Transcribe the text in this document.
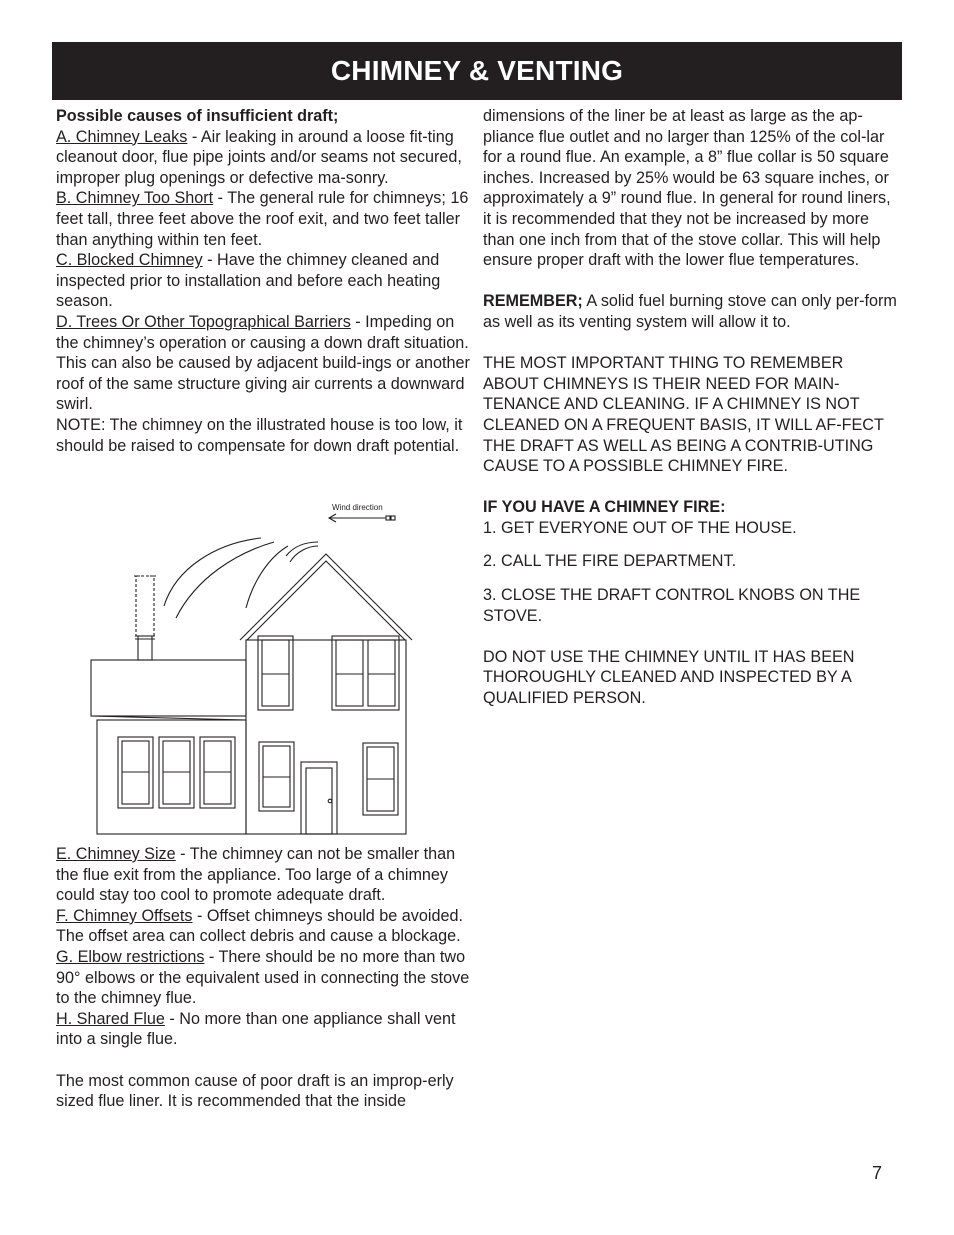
CHIMNEY & VENTING

Possible causes of insufficient draft;

A. Chimney Leaks - Air leaking in around a loose fit-ting cleanout door, flue pipe joints and/or seams not secured, improper plug openings or defective ma-sonry.

B. Chimney Too Short - The general rule for chimneys; 16 feet tall, three feet above the roof exit, and two feet taller than anything within ten feet.

C. Blocked Chimney - Have the chimney cleaned and inspected prior to installation and before each heating season.

D. Trees Or Other Topographical Barriers - Impeding on the chimney’s operation or causing a down draft situation. This can also be caused by adjacent build-ings or another roof of the same structure giving air currents a downward swirl.

NOTE: The chimney on the illustrated house is too low, it should be raised to compensate for down draft potential.

Wind direction

E. Chimney Size - The chimney can not be smaller than the flue exit from the appliance. Too large of a chimney could stay too cool to promote adequate draft.

F. Chimney Offsets - Offset chimneys should be avoided. The offset area can collect debris and cause a blockage.

G. Elbow restrictions - There should be no more than two 90° elbows or the equivalent used in connecting the stove to the chimney flue.

H. Shared Flue - No more than one appliance shall vent into a single flue.

The most common cause of poor draft is an improp-erly sized flue liner. It is recommended that the inside

dimensions of the liner be at least as large as the ap-pliance flue outlet and no larger than 125% of the col-lar for a round flue. An example, a 8” flue collar is 50 square inches. Increased by 25% would be 63 square inches, or approximately a 9” round flue. In general for round liners, it is recommended that they not be increased by more than one inch from that of the stove collar. This will help ensure proper draft with the lower flue temperatures.

REMEMBER; A solid fuel burning stove can only per-form as well as its venting system will allow it to.

THE MOST IMPORTANT THING TO REMEMBER ABOUT CHIMNEYS IS THEIR NEED FOR MAIN-TENANCE AND CLEANING. IF A CHIMNEY IS NOT CLEANED ON A FREQUENT BASIS, IT WILL AF-FECT THE DRAFT AS WELL AS BEING A CONTRIB-UTING CAUSE TO A POSSIBLE CHIMNEY FIRE.

IF YOU HAVE A CHIMNEY FIRE:

1. GET EVERYONE OUT OF THE HOUSE.

2. CALL THE FIRE DEPARTMENT.

3. CLOSE THE DRAFT CONTROL KNOBS ON THE STOVE.

DO NOT USE THE CHIMNEY UNTIL IT HAS BEEN THOROUGHLY CLEANED AND INSPECTED BY A QUALIFIED PERSON.

7
